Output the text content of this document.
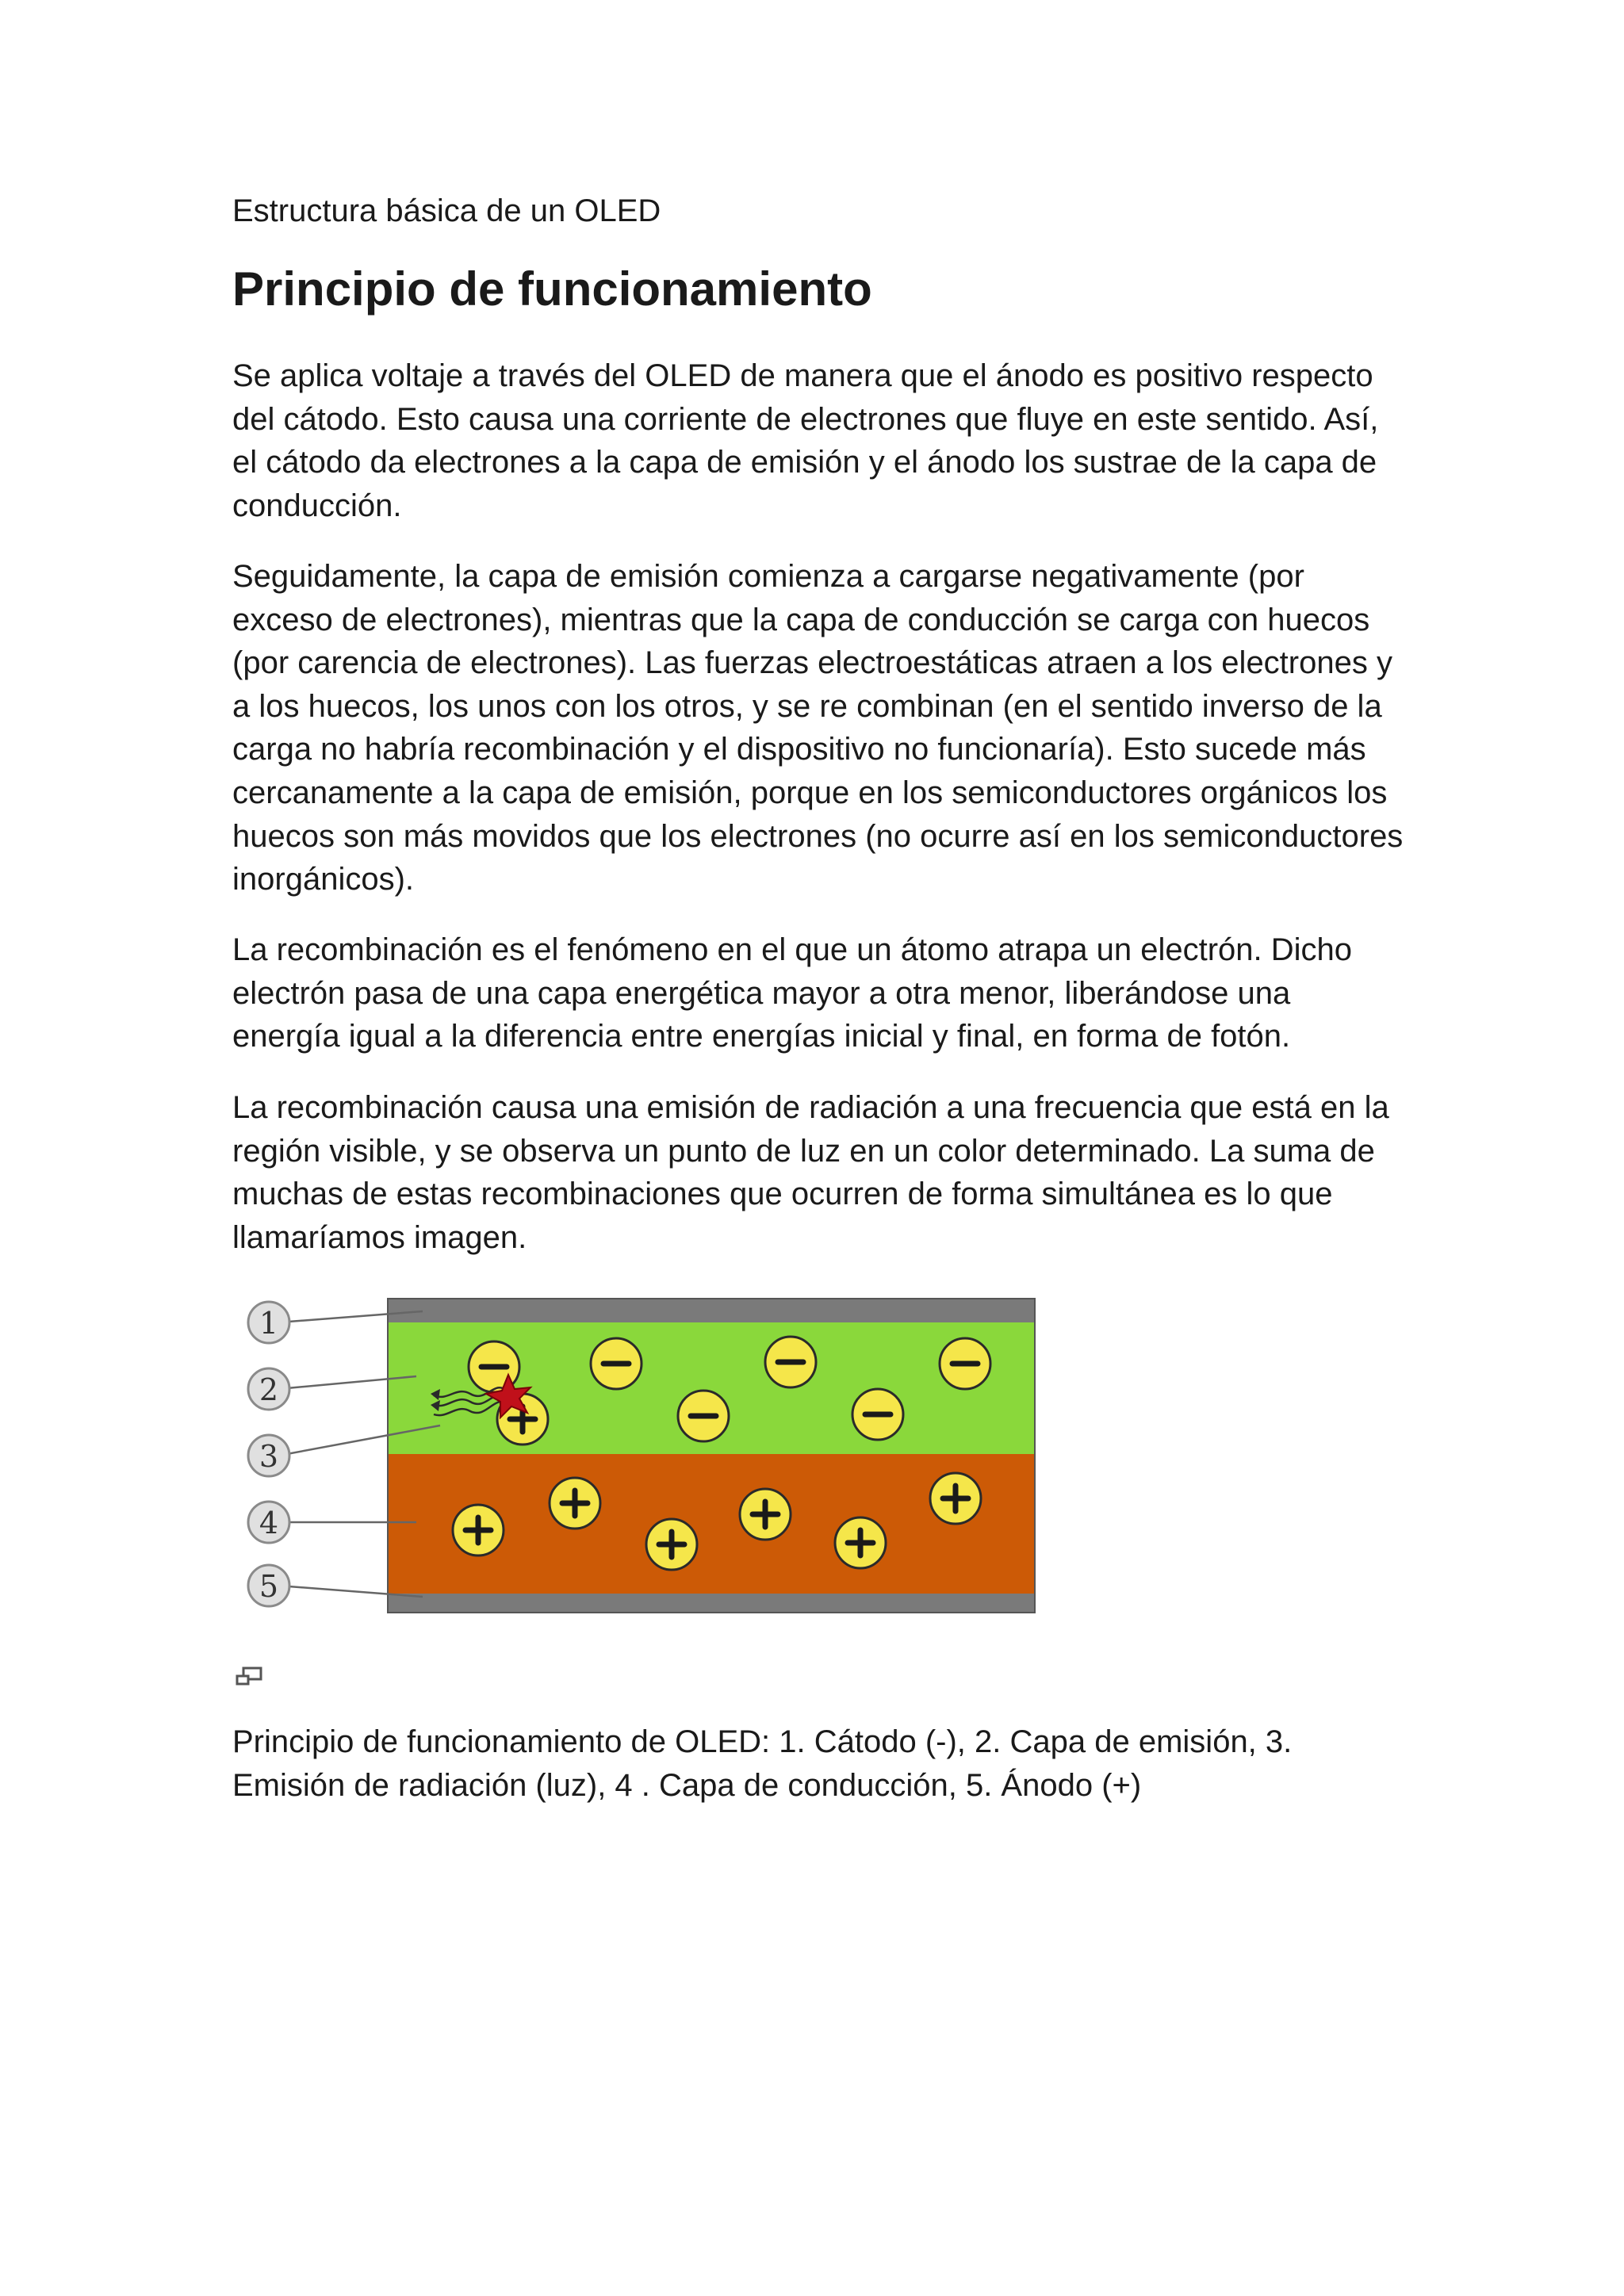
Estructura básica de un OLED

Principio de funcionamiento

Se aplica voltaje a través del OLED de manera que el ánodo es positivo respecto del cátodo. Esto causa una corriente de electrones que fluye en este sentido. Así, el cátodo da electrones a la capa de emisión y el ánodo los sustrae de la capa de conducción.

Seguidamente, la capa de emisión comienza a cargarse negativamente (por exceso de electrones), mientras que la capa de conducción se carga con huecos (por carencia de electrones). Las fuerzas electroestáticas atraen a los electrones y a los huecos, los unos con los otros, y se re combinan (en el sentido inverso de la carga no habría recombinación y el dispositivo no funcionaría). Esto sucede más cercanamente a la capa de emisión, porque en los semiconductores orgánicos los huecos son más movidos que los electrones (no ocurre así en los semiconductores inorgánicos).

La recombinación es el fenómeno en el que un átomo atrapa un electrón. Dicho electrón pasa de una capa energética mayor a otra menor, liberándose una energía igual a la diferencia entre energías inicial y final, en forma de fotón.

La recombinación causa una emisión de radiación a una frecuencia que está en la región visible, y se observa un punto de luz en un color determinado. La suma de muchas de estas recombinaciones que ocurren de forma simultánea es lo que llamaríamos imagen.

1
2
3
4
5

Principio de funcionamiento de OLED: 1. Cátodo (-), 2. Capa de emisión, 3. Emisión de radiación (luz), 4 . Capa de conducción, 5. Ánodo (+)
